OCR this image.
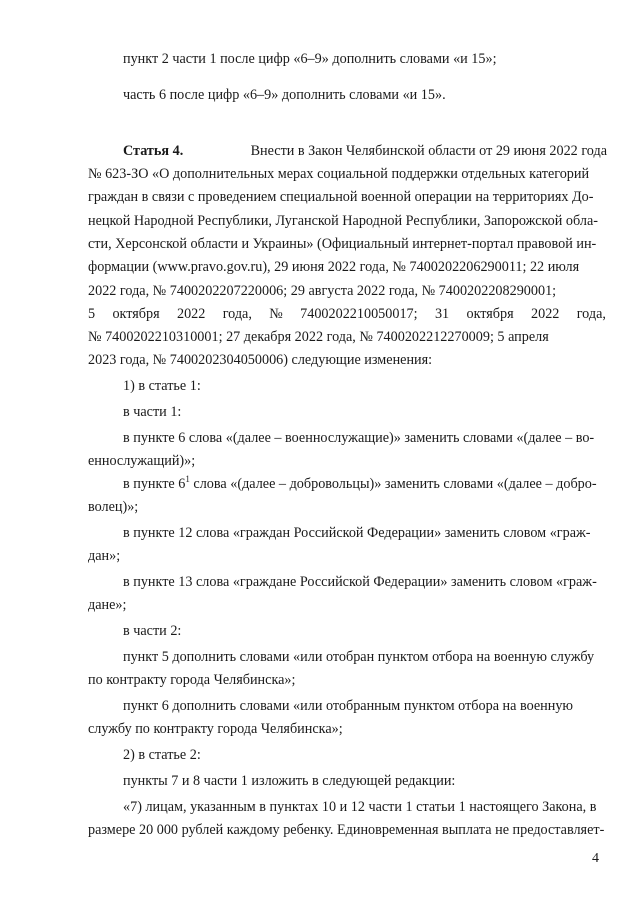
пункт 2 части 1 после цифр «6–9» дополнить словами «и 15»;
часть 6 после цифр «6–9» дополнить словами «и 15».
Статья 4.	Внести в Закон Челябинской области от 29 июня 2022 года
№ 623-ЗО «О дополнительных мерах социальной поддержки отдельных категорий
граждан в связи с проведением специальной военной операции на территориях До-
нецкой Народной Республики, Луганской Народной Республики, Запорожской обла-
сти, Херсонской области и Украины» (Официальный интернет-портал правовой ин-
формации (www.pravo.gov.ru), 29 июня 2022 года, № 7400202206290011; 22 июля
2022 года, № 7400202207220006; 29 августа 2022 года, № 7400202208290001;
5 октября 2022 года, № 7400202210050017; 31 октября 2022 года,
№ 7400202210310001; 27 декабря 2022 года, № 7400202212270009; 5 апреля
2023 года, № 7400202304050006) следующие изменения:
1) в статье 1:
в части 1:
в пункте 6 слова «(далее – военнослужащие)» заменить словами «(далее – во-
еннослужащий)»;
в пункте $6^1$ слова «(далее – добровольцы)» заменить словами «(далее – добро-
волец)»;
в пункте 12 слова «граждан Российской Федерации» заменить словом «граж-
дан»;
в пункте 13 слова «граждане Российской Федерации» заменить словом «граж-
дане»;
в части 2:
пункт 5 дополнить словами «или отобран пунктом отбора на военную службу
по контракту города Челябинска»;
пункт 6 дополнить словами «или отобранным пунктом отбора на военную
службу по контракту города Челябинска»;
2) в статье 2:
пункты 7 и 8 части 1 изложить в следующей редакции:
«7) лицам, указанным в пунктах 10 и 12 части 1 статьи 1 настоящего Закона, в
размере 20 000 рублей каждому ребенку. Единовременная выплата не предоставляет-
4
